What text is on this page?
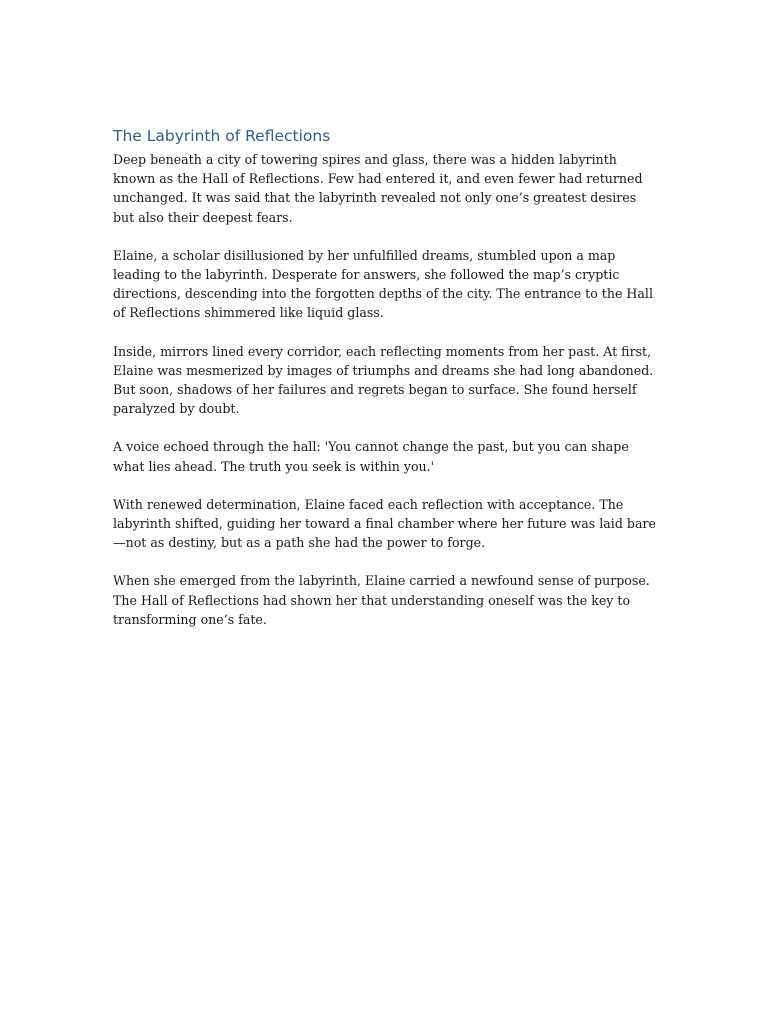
The Labyrinth of Reflections

Deep beneath a city of towering spires and glass, there was a hidden labyrinth known as the Hall of Reflections. Few had entered it, and even fewer had returned unchanged. It was said that the labyrinth revealed not only one’s greatest desires but also their deepest fears.

Elaine, a scholar disillusioned by her unfulfilled dreams, stumbled upon a map leading to the labyrinth. Desperate for answers, she followed the map’s cryptic directions, descending into the forgotten depths of the city. The entrance to the Hall of Reflections shimmered like liquid glass.

Inside, mirrors lined every corridor, each reflecting moments from her past. At first, Elaine was mesmerized by images of triumphs and dreams she had long abandoned. But soon, shadows of her failures and regrets began to surface. She found herself paralyzed by doubt.

A voice echoed through the hall: 'You cannot change the past, but you can shape what lies ahead. The truth you seek is within you.'

With renewed determination, Elaine faced each reflection with acceptance. The labyrinth shifted, guiding her toward a final chamber where her future was laid bare—not as destiny, but as a path she had the power to forge.

When she emerged from the labyrinth, Elaine carried a newfound sense of purpose. The Hall of Reflections had shown her that understanding oneself was the key to transforming one’s fate.
